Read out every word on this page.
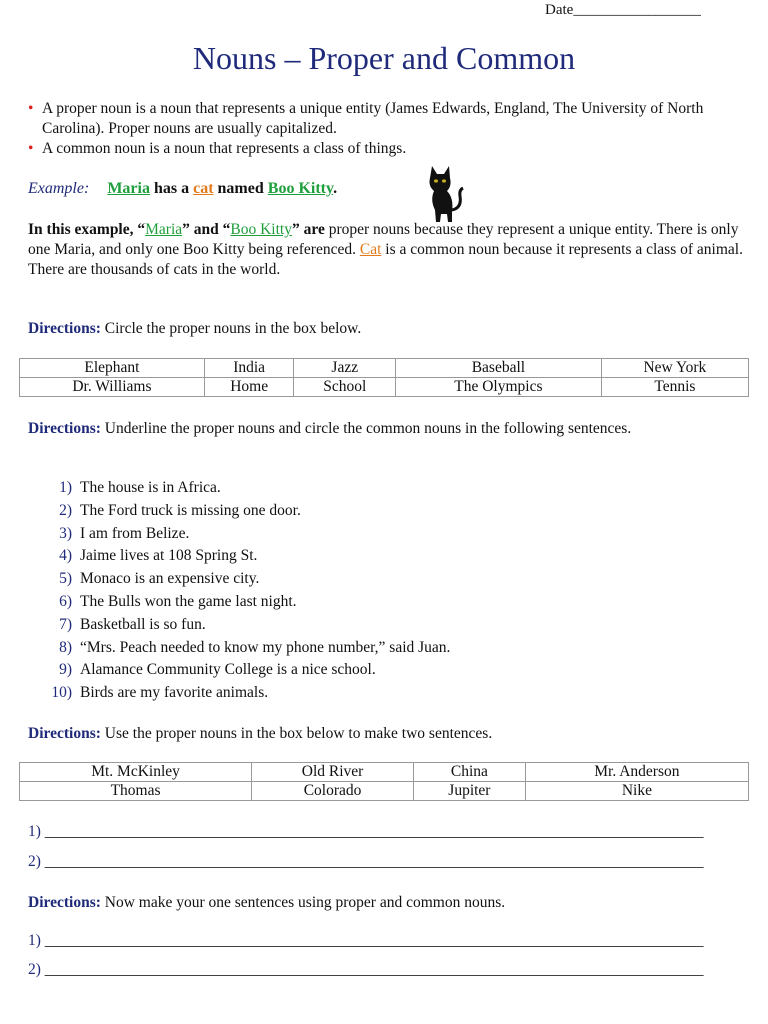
Date_________________
Nouns – Proper and Common
• A proper noun is a noun that represents a unique entity (James Edwards, England, The University of North Carolina). Proper nouns are usually capitalized.
• A common noun is a noun that represents a class of things.
Example: Maria has a cat named Boo Kitty.
In this example, “Maria” and “Boo Kitty” are proper nouns because they represent a unique entity. There is only one Maria, and only one Boo Kitty being referenced. Cat is a common noun because it represents a class of animal. There are thousands of cats in the world.
Directions: Circle the proper nouns in the box below.
Elephant	India	Jazz	Baseball	New York
Dr. Williams	Home	School	The Olympics	Tennis
Directions: Underline the proper nouns and circle the common nouns in the following sentences.
1) The house is in Africa.
2) The Ford truck is missing one door.
3) I am from Belize.
4) Jaime lives at 108 Spring St.
5) Monaco is an expensive city.
6) The Bulls won the game last night.
7) Basketball is so fun.
8) “Mrs. Peach needed to know my phone number,” said Juan.
9) Alamance Community College is a nice school.
10) Birds are my favorite animals.
Directions: Use the proper nouns in the box below to make two sentences.
Mt. McKinley	Old River	China	Mr. Anderson
Thomas	Colorado	Jupiter	Nike
1) _____________________________________________________________________________________
2) _____________________________________________________________________________________
Directions: Now make your one sentences using proper and common nouns.
1) _____________________________________________________________________________________
2) _____________________________________________________________________________________
